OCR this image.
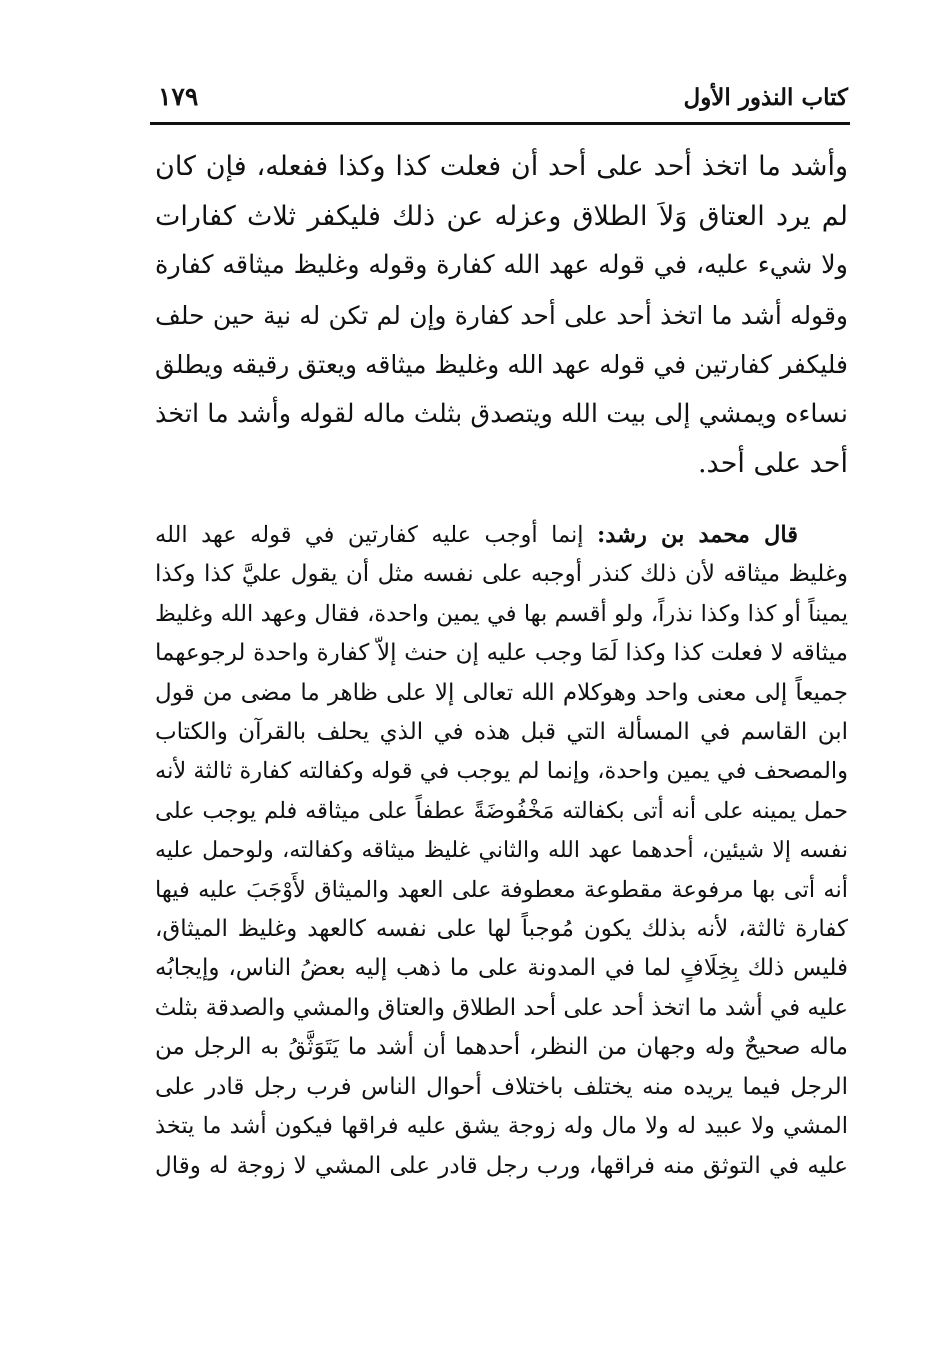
كتاب النذور الأول
١٧٩
وأشد ما اتخذ أحد على أحد أن فعلت كذا وكذا ففعله، فإن كان
لم يرد العتاق وَلاَ الطلاق وعزله عن ذلك فليكفر ثلاث كفارات
ولا شيء عليه، في قوله عهد الله كفارة وقوله وغليظ ميثاقه كفارة
وقوله أشد ما اتخذ أحد على أحد كفارة وإن لم تكن له نية حين حلف
فليكفر كفارتين في قوله عهد الله وغليظ ميثاقه ويعتق رقيقه ويطلق
نساءه ويمشي إلى بيت الله ويتصدق بثلث ماله لقوله وأشد ما اتخذ
أحد على أحد.
قال محمد بن رشد: إنما أوجب عليه كفارتين في قوله عهد الله
وغليظ ميثاقه لأن ذلك كنذر أوجبه على نفسه مثل أن يقول عليَّ كذا وكذا
يميناً أو كذا وكذا نذراً، ولو أقسم بها في يمين واحدة، فقال وعهد الله وغليظ
ميثاقه لا فعلت كذا وكذا لَمَا وجب عليه إن حنث إلاّ كفارة واحدة لرجوعهما
جميعاً إلى معنى واحد وهوكلام الله تعالى إلا على ظاهر ما مضى من قول
ابن القاسم في المسألة التي قبل هذه في الذي يحلف بالقرآن والكتاب
والمصحف في يمين واحدة، وإنما لم يوجب في قوله وكفالته كفارة ثالثة لأنه
حمل يمينه على أنه أتى بكفالته مَخْفُوضَةً عطفاً على ميثاقه فلم يوجب على
نفسه إلا شيئين، أحدهما عهد الله والثاني غليظ ميثاقه وكفالته، ولوحمل عليه
أنه أتى بها مرفوعة مقطوعة معطوفة على العهد والميثاق لأَوْجَبَ عليه فيها
كفارة ثالثة، لأنه بذلك يكون مُوجباً لها على نفسه كالعهد وغليظ الميثاق،
فليس ذلك بِخِلَافٍ لما في المدونة على ما ذهب إليه بعضُ الناس، وإيجابُه
عليه في أشد ما اتخذ أحد على أحد الطلاق والعتاق والمشي والصدقة بثلث
ماله صحيحٌ وله وجهان من النظر، أحدهما أن أشد ما يَتَوَثَّقُ به الرجل من
الرجل فيما يريده منه يختلف باختلاف أحوال الناس فرب رجل قادر على
المشي ولا عبيد له ولا مال وله زوجة يشق عليه فراقها فيكون أشد ما يتخذ
عليه في التوثق منه فراقها، ورب رجل قادر على المشي لا زوجة له وقال
